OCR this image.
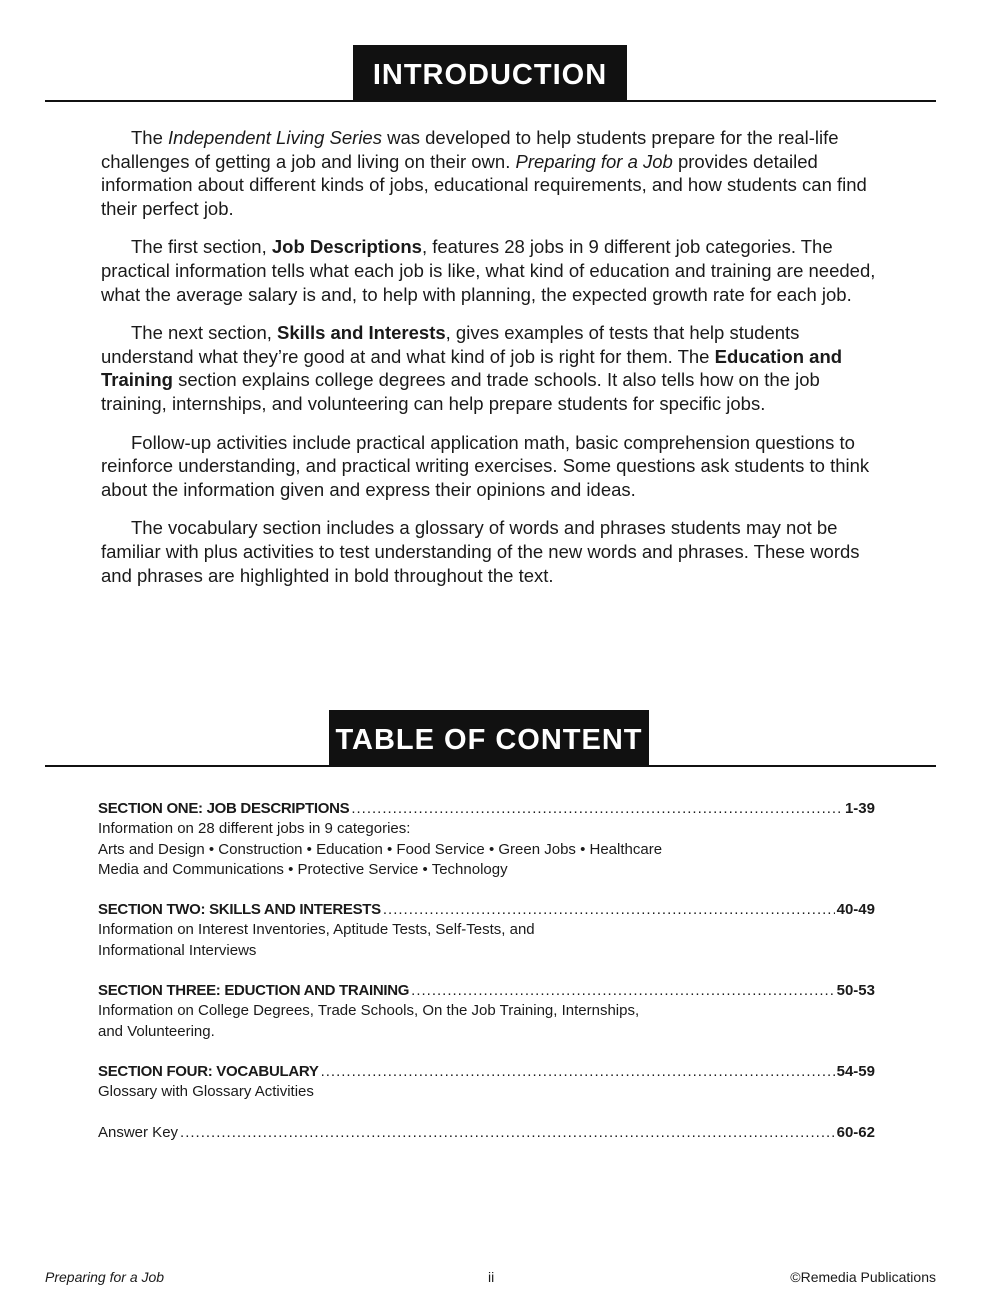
INTRODUCTION

The Independent Living Series was developed to help students prepare for the real-life challenges of getting a job and living on their own. Preparing for a Job provides detailed information about different kinds of jobs, educational requirements, and how students can find their perfect job.

The first section, Job Descriptions, features 28 jobs in 9 different job categories. The practical information tells what each job is like, what kind of education and training are needed, what the average salary is and, to help with planning, the expected growth rate for each job.

The next section, Skills and Interests, gives examples of tests that help students understand what they’re good at and what kind of job is right for them. The Education and Training section explains college degrees and trade schools. It also tells how on the job training, internships, and volunteering can help prepare students for specific jobs.

Follow-up activities include practical application math, basic comprehension questions to reinforce understanding, and practical writing exercises. Some questions ask students to think about the information given and express their opinions and ideas.

The vocabulary section includes a glossary of words and phrases students may not be familiar with plus activities to test understanding of the new words and phrases. These words and phrases are highlighted in bold throughout the text.

TABLE OF CONTENT
SECTION ONE: JOB DESCRIPTIONS .....	1-39
Information on 28 different jobs in 9 categories:
Arts and Design • Construction • Education • Food Service • Green Jobs • Healthcare
Media and Communications • Protective Service • Technology
SECTION TWO: SKILLS AND INTERESTS .....	40-49
Information on Interest Inventories, Aptitude Tests, Self-Tests, and
Informational Interviews
SECTION THREE: EDUCTION AND TRAINING .....	50-53
Information on College Degrees, Trade Schools, On the Job Training, Internships,
and Volunteering.
SECTION FOUR: VOCABULARY .....	54-59
Glossary with Glossary Activities
Answer Key .....	60-62
Preparing for a Job	ii	©Remedia Publications
